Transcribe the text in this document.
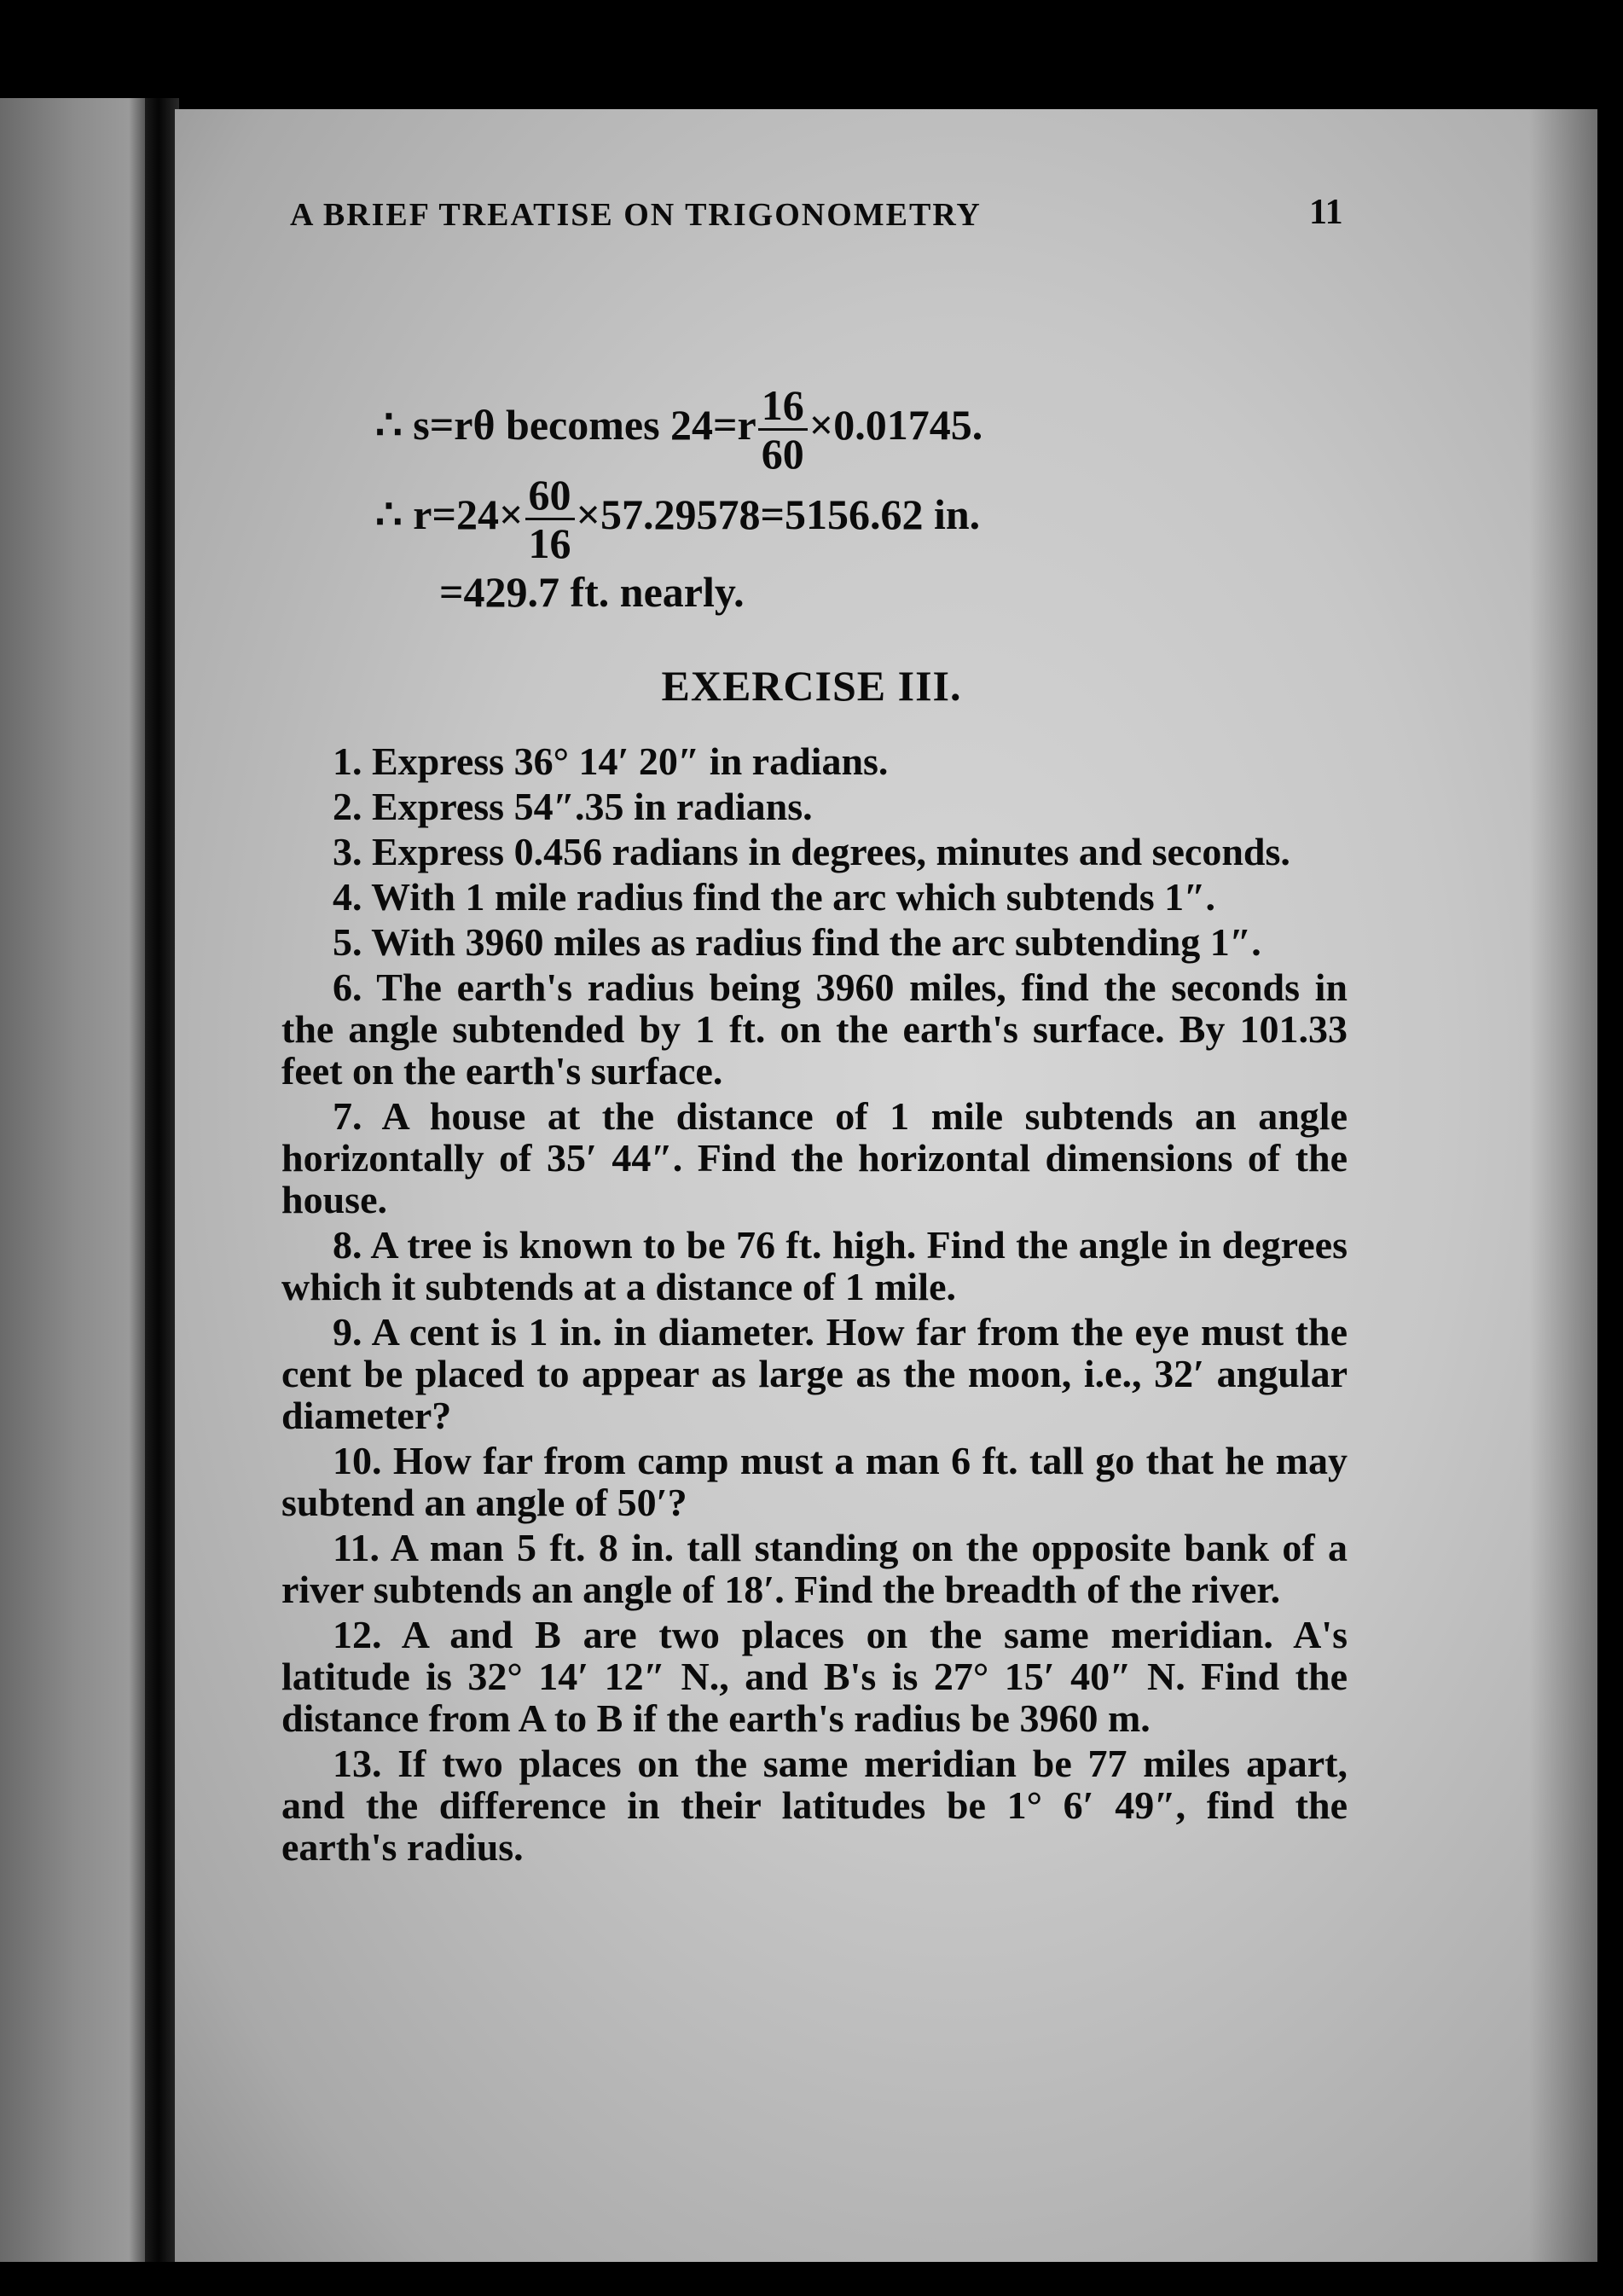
A BRIEF TREATISE ON TRIGONOMETRY	11
∴ s=rθ becomes $24=r \frac{16}{60} \times 0.01745$.
∴ $r=24\times \frac{60}{16} \times 57.29578=5156.62$ in.
=429.7 ft. nearly.
EXERCISE III.

1. Express 36° 14′ 20″ in radians.

2. Express 54″.35 in radians.

3. Express 0.456 radians in degrees, minutes and seconds.

4. With 1 mile radius find the arc which subtends 1″.

5. With 3960 miles as radius find the arc subtending 1″.

6. The earth's radius being 3960 miles, find the seconds in the angle subtended by 1 ft. on the earth's surface. By 101.33 feet on the earth's surface.

7. A house at the distance of 1 mile subtends an angle horizontally of 35′ 44″. Find the horizontal dimensions of the house.

8. A tree is known to be 76 ft. high. Find the angle in degrees which it subtends at a distance of 1 mile.

9. A cent is 1 in. in diameter. How far from the eye must the cent be placed to appear as large as the moon, i.e., 32′ angular diameter?

10. How far from camp must a man 6 ft. tall go that he may subtend an angle of 50′?

11. A man 5 ft. 8 in. tall standing on the opposite bank of a river subtends an angle of 18′. Find the breadth of the river.

12. A and B are two places on the same meridian. A's latitude is 32° 14′ 12″ N., and B's is 27° 15′ 40″ N. Find the distance from A to B if the earth's radius be 3960 m.

13. If two places on the same meridian be 77 miles apart, and the difference in their latitudes be 1° 6′ 49″, find the earth's radius.
